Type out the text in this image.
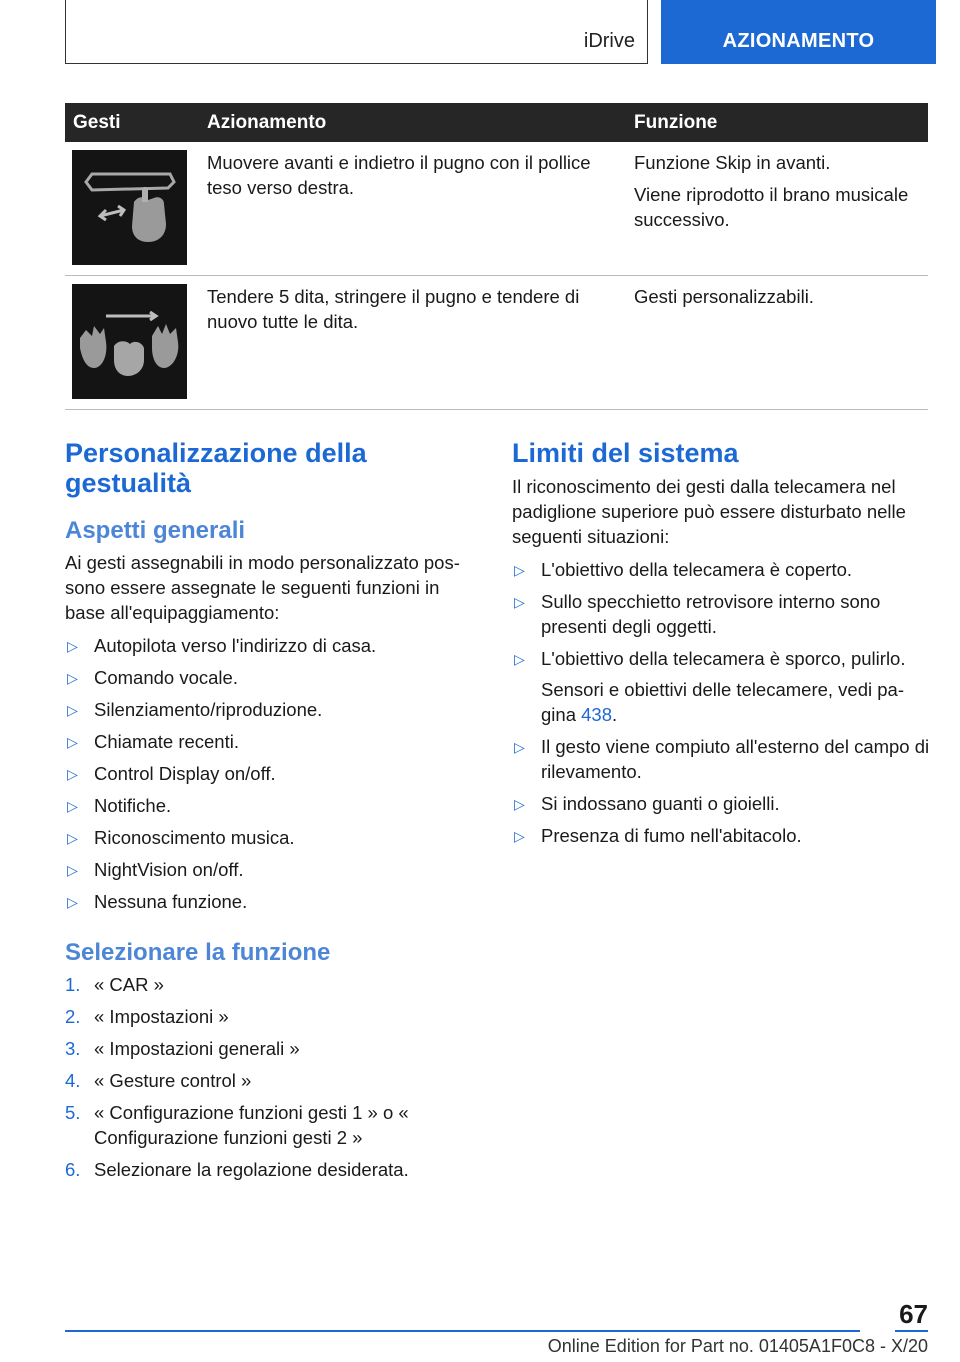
iDrive	AZIONAMENTO
Gesti	Azionamento	Funzione

	Muovere avanti e indietro il pugno con il pollice teso verso destra.	Funzione Skip in avanti.

Viene riprodotto il brano musicale successivo.

	Tendere 5 dita, stringere il pugno e tendere di nuovo tutte le dita.	Gesti personalizzabili.

Personalizzazione della gestualità
Aspetti generali

Ai gesti assegnabili in modo personalizzato possono essere assegnate le seguenti funzioni in base all'equipaggiamento:

▷ Autopilota verso l'indirizzo di casa.
▷ Comando vocale.
▷ Silenziamento/riproduzione.
▷ Chiamate recenti.
▷ Control Display on/off.
▷ Notifiche.
▷ Riconoscimento musica.
▷ NightVision on/off.
▷ Nessuna funzione.
Selezionare la funzione
1. « CAR »
2. « Impostazioni »
3. « Impostazioni generali »
4. « Gesture control »
5. « Configurazione funzioni gesti 1 » o « Configurazione funzioni gesti 2 »
6. Selezionare la regolazione desiderata.
Limiti del sistema

Il riconoscimento dei gesti dalla telecamera nel padiglione superiore può essere disturbato nelle seguenti situazioni:

▷ L'obiettivo della telecamera è coperto.
▷ Sullo specchietto retrovisore interno sono presenti degli oggetti.
▷ L'obiettivo della telecamera è sporco, pulirlo.

Sensori e obiettivi delle telecamere, vedi pagina 438.

▷ Il gesto viene compiuto all'esterno del campo di rilevamento.
▷ Si indossano guanti o gioielli.
▷ Presenza di fumo nell'abitacolo.
67
Online Edition for Part no. 01405A1F0C8 - X/20
